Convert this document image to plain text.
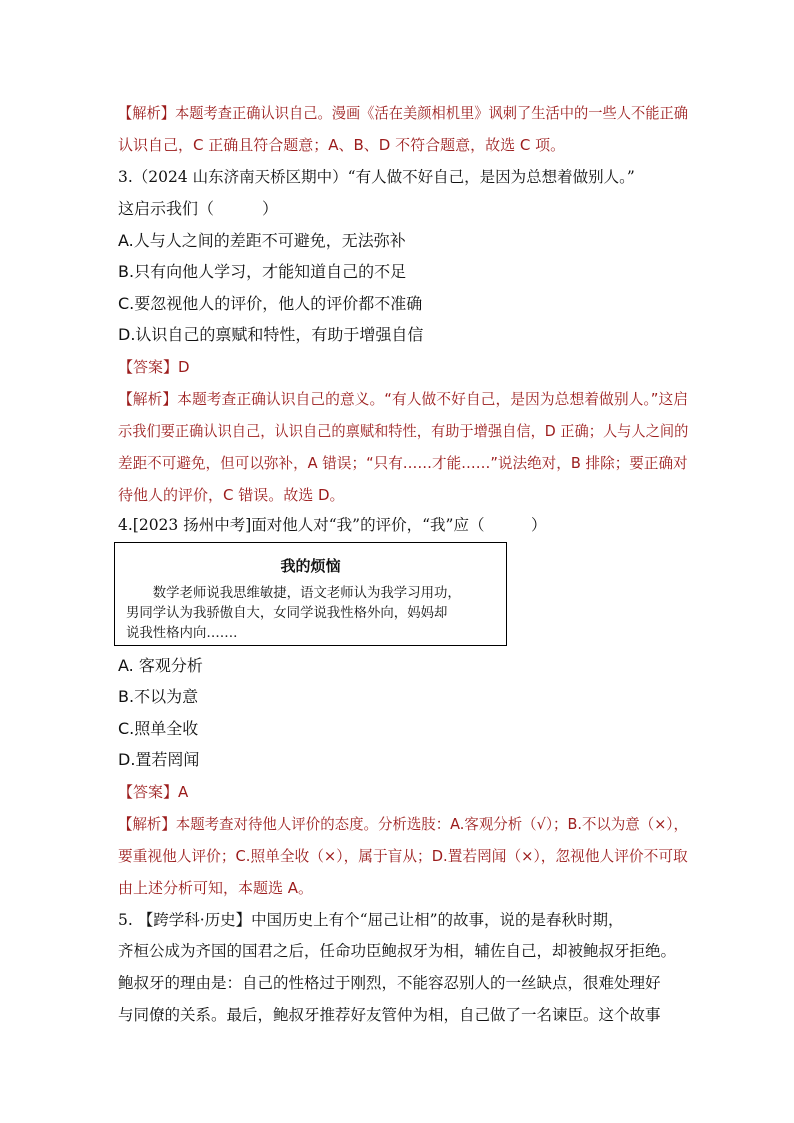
【解析】本题考查正确认识自己。漫画《活在美颜相机里》讽刺了生活中的一些人不能正确
认识自己，C 正确且符合题意；A、B、D 不符合题意，故选 C 项。
3.（2024 山东济南天桥区期中）“有人做不好自己，是因为总想着做别人。”
这启示我们（　　　）
A.人与人之间的差距不可避免，无法弥补
B.只有向他人学习，才能知道自己的不足
C.要忽视他人的评价，他人的评价都不准确
D.认识自己的禀赋和特性，有助于增强自信
【答案】D
【解析】本题考查正确认识自己的意义。“有人做不好自己，是因为总想着做别人。”这启
示我们要正确认识自己，认识自己的禀赋和特性，有助于增强自信，D 正确；人与人之间的
差距不可避免，但可以弥补，A 错误；“只有……才能……”说法绝对，B 排除；要正确对
待他人的评价，C 错误。故选 D。
4.[2023 扬州中考]面对他人对“我”的评价，“我”应（　　　）
我的烦恼
　　数学老师说我思维敏捷，语文老师认为我学习用功，
男同学认为我骄傲自大，女同学说我性格外向，妈妈却
说我性格内向…….
A. 客观分析
B.不以为意
C.照单全收
D.置若罔闻
【答案】A
【解析】本题考查对待他人评价的态度。分析选肢：A.客观分析（√）；B.不以为意（×），
要重视他人评价；C.照单全收（×），属于盲从；D.置若罔闻（×），忽视他人评价不可取
由上述分析可知，本题选 A。
5. 【跨学科·历史】中国历史上有个“屈己让相”的故事，说的是春秋时期，
齐桓公成为齐国的国君之后，任命功臣鲍叔牙为相，辅佐自己，却被鲍叔牙拒绝。
鲍叔牙的理由是：自己的性格过于刚烈，不能容忍别人的一丝缺点，很难处理好
与同僚的关系。最后，鲍叔牙推荐好友管仲为相，自己做了一名谏臣。这个故事
